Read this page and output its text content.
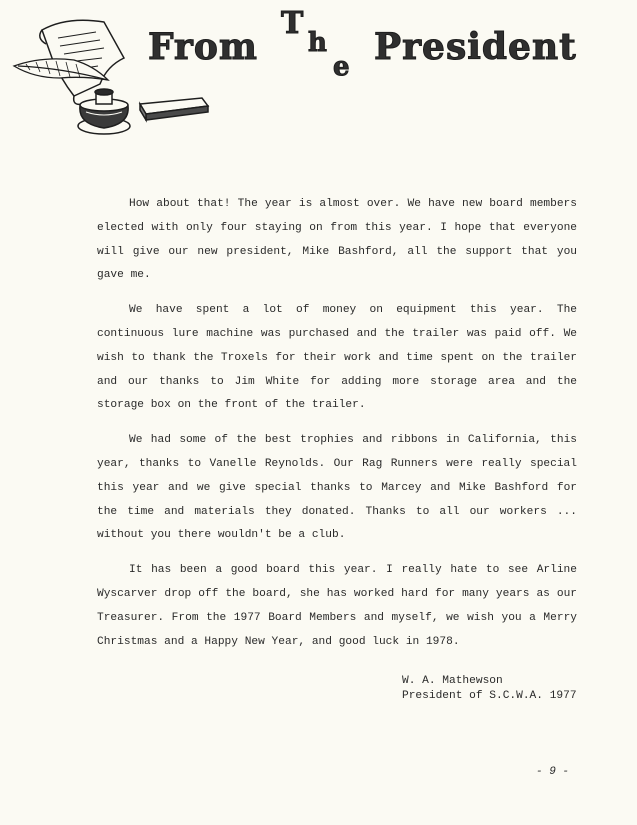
From
T
h
e President

How about that! The year is almost over. We have new board members elected with only four staying on from this year. I hope that everyone will give our new president, Mike Bashford, all the support that you gave me.

We have spent a lot of money on equipment this year. The continuous lure machine was purchased and the trailer was paid off. We wish to thank the Troxels for their work and time spent on the trailer and our thanks to Jim White for adding more storage area and the storage box on the front of the trailer.

We had some of the best trophies and ribbons in California, this year, thanks to Vanelle Reynolds. Our Rag Runners were really special this year and we give special thanks to Marcey and Mike Bashford for the time and materials they donated. Thanks to all our workers ... without you there wouldn't be a club.

It has been a good board this year. I really hate to see Arline Wyscarver drop off the board, she has worked hard for many years as our Treasurer. From the 1977 Board Members and myself, we wish you a Merry Christmas and a Happy New Year, and good luck in 1978.

W. A. Mathewson
President of S.C.W.A. 1977
- 9 -
